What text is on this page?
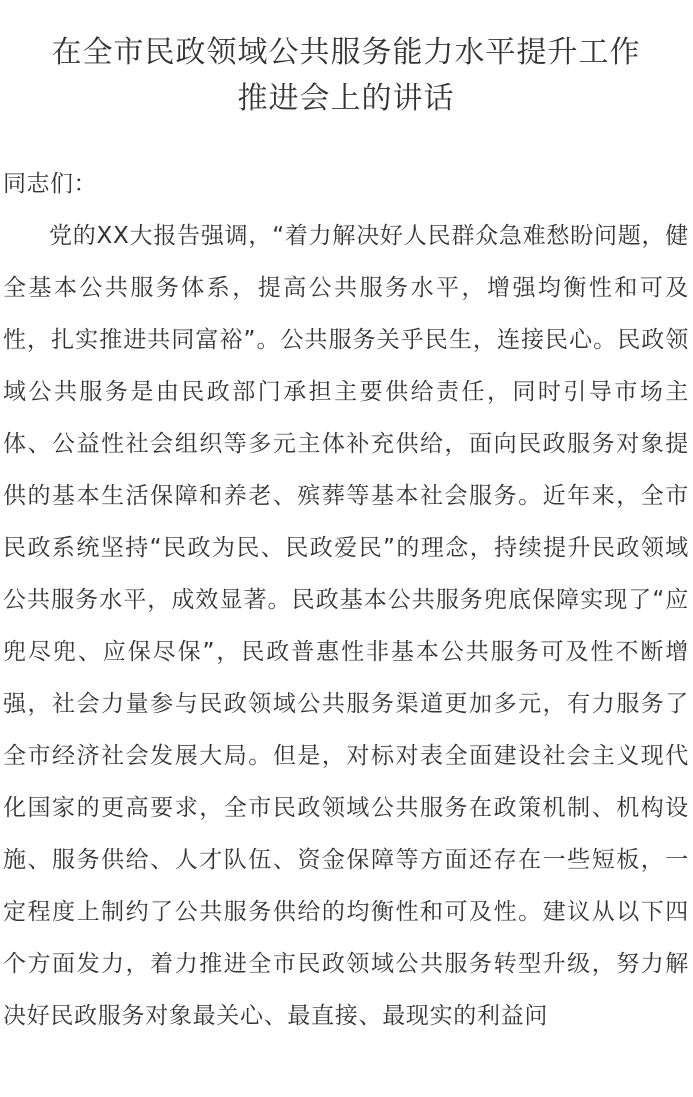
在全市民政领域公共服务能力水平提升工作
推进会上的讲话

同志们：

党的XX大报告强调，“着力解决好人民群众急难愁盼问题，健全基本公共服务体系，提高公共服务水平，增强均衡性和可及性，扎实推进共同富裕”。公共服务关乎民生，连接民心。民政领域公共服务是由民政部门承担主要供给责任，同时引导市场主体、公益性社会组织等多元主体补充供给，面向民政服务对象提供的基本生活保障和养老、殡葬等基本社会服务。近年来，全市民政系统坚持“民政为民、民政爱民”的理念，持续提升民政领域公共服务水平，成效显著。民政基本公共服务兜底保障实现了“应兜尽兜、应保尽保”，民政普惠性非基本公共服务可及性不断增强，社会力量参与民政领域公共服务渠道更加多元，有力服务了全市经济社会发展大局。但是，对标对表全面建设社会主义现代化国家的更高要求，全市民政领域公共服务在政策机制、机构设施、服务供给、人才队伍、资金保障等方面还存在一些短板，一定程度上制约了公共服务供给的均衡性和可及性。建议从以下四个方面发力，着力推进全市民政领域公共服务转型升级，努力解决好民政服务对象最关心、最直接、最现实的利益问
